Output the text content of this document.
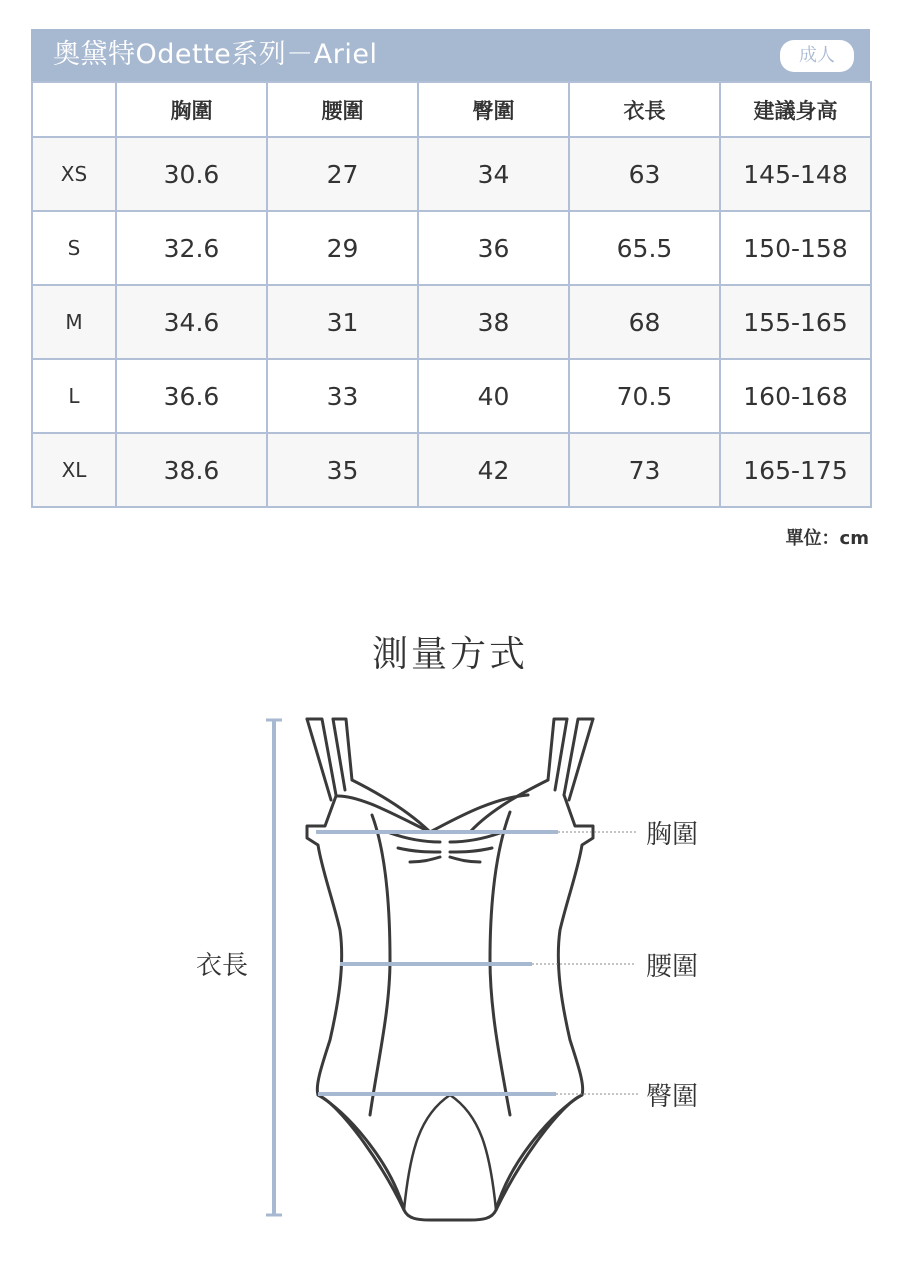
奧黛特Odette系列－Ariel	成人
	胸圍	腰圍	臀圍	衣長	建議身高
XS	30.6	27	34	63	145-148
S	32.6	29	36	65.5	150-158
M	34.6	31	38	68	155-165
L	36.6	33	40	70.5	160-168
XL	38.6	35	42	73	165-175
單位：cm
測量方式
衣長
胸圍
腰圍
臀圍
